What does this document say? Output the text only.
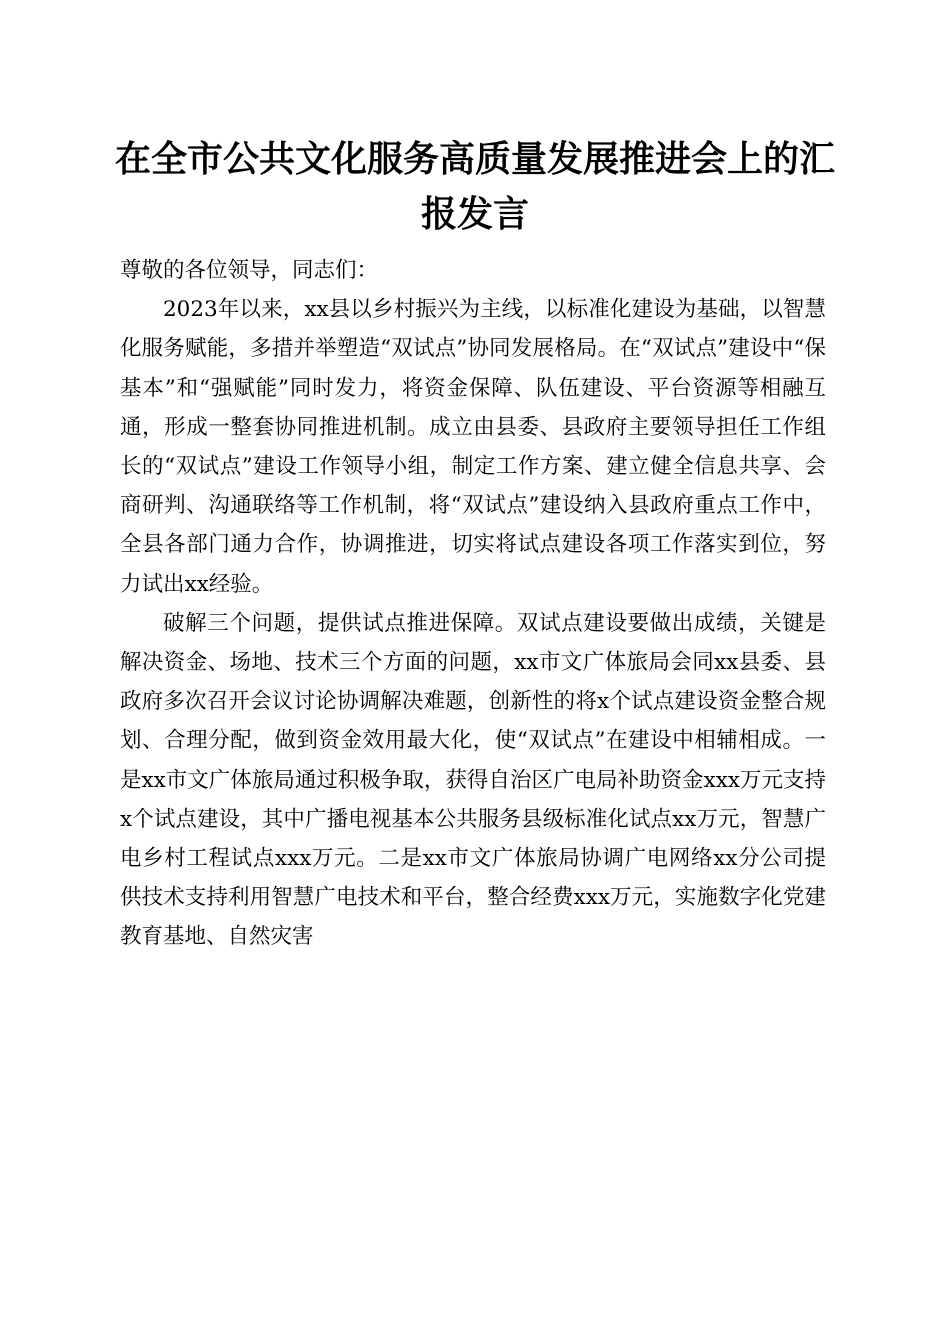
在全市公共文化服务高质量发展推进会上的汇
报发言

尊敬的各位领导，同志们：

2023年以来，xx县以乡村振兴为主线，以标准化建设为基础，以智慧化服务赋能，多措并举塑造“双试点”协同发展格局。在“双试点”建设中“保基本”和“强赋能”同时发力，将资金保障、队伍建设、平台资源等相融互通，形成一整套协同推进机制。成立由县委、县政府主要领导担任工作组长的“双试点”建设工作领导小组，制定工作方案、建立健全信息共享、会商研判、沟通联络等工作机制，将“双试点”建设纳入县政府重点工作中，全县各部门通力合作，协调推进，切实将试点建设各项工作落实到位，努力试出xx经验。

破解三个问题，提供试点推进保障。双试点建设要做出成绩，关键是解决资金、场地、技术三个方面的问题，xx市文广体旅局会同xx县委、县政府多次召开会议讨论协调解决难题，创新性的将x个试点建设资金整合规划、合理分配，做到资金效用最大化，使“双试点”在建设中相辅相成。一是xx市文广体旅局通过积极争取，获得自治区广电局补助资金xxx万元支持x个试点建设，其中广播电视基本公共服务县级标准化试点xx万元，智慧广电乡村工程试点xxx万元。二是xx市文广体旅局协调广电网络xx分公司提供技术支持利用智慧广电技术和平台，整合经费xxx万元，实施数字化党建教育基地、自然灾害
